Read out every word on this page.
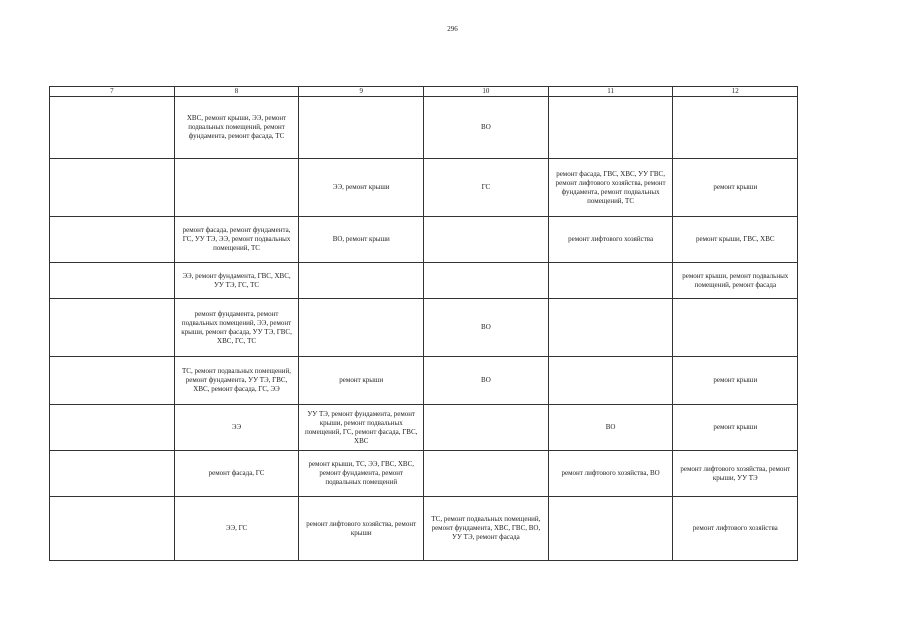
296
7	8	9	10	11	12
	ХВС, ремонт крыши, ЭЭ, ремонт подвальных помещений, ремонт фундамента, ремонт фасада, ТС		ВО		
		ЭЭ, ремонт крыши	ГС	ремонт фасада, ГВС, ХВС, УУ ГВС, ремонт лифтового хозяйства, ремонт фундамента, ремонт подвальных помещений, ТС	ремонт крыши
	ремонт фасада, ремонт фундамента, ГС, УУ ТЭ, ЭЭ, ремонт подвальных помещений, ТС	ВО, ремонт крыши		ремонт лифтового хозяйства	ремонт крыши, ГВС, ХВС
	ЭЭ, ремонт фундамента, ГВС, ХВС, УУ ТЭ, ГС, ТС				ремонт крыши, ремонт подвальных помещений, ремонт фасада
	ремонт фундамента, ремонт подвальных помещений, ЭЭ, ремонт крыши, ремонт фасада, УУ ТЭ, ГВС, ХВС, ГС, ТС		ВО		
	ТС, ремонт подвальных помещений, ремонт фундамента, УУ ТЭ, ГВС, ХВС, ремонт фасада, ГС, ЭЭ	ремонт крыши	ВО		ремонт крыши
	ЭЭ	УУ ТЭ, ремонт фундамента, ремонт крыши, ремонт подвальных помещений, ГС, ремонт фасада, ГВС, ХВС		ВО	ремонт крыши
	ремонт фасада, ГС	ремонт крыши, ТС, ЭЭ, ГВС, ХВС, ремонт фундамента, ремонт подвальных помещений		ремонт лифтового хозяйства, ВО	ремонт лифтового хозяйства, ремонт крыши, УУ ТЭ
	ЭЭ, ГС	ремонт лифтового хозяйства, ремонт крыши	ТС, ремонт подвальных помещений, ремонт фундамента, ХВС, ГВС, ВО, УУ ТЭ, ремонт фасада		ремонт лифтового хозяйства
